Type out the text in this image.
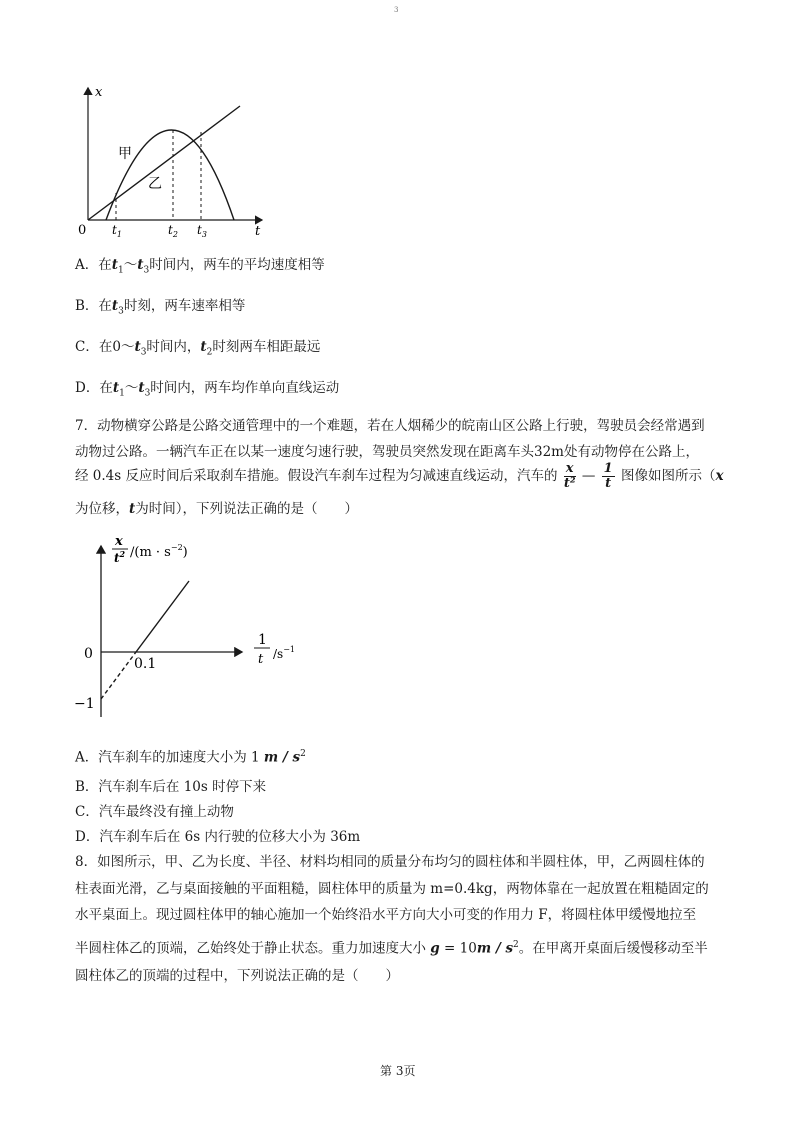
3
x
t
0
甲
乙
$t_1$	$t_2$ $t_3$
A．在$t_1\sim t_3$时间内，两车的平均速度相等
B．在$t_3$时刻，两车速率相等
C．在$0\sim t_3$时间内，$t_2$时刻两车相距最远
D．在$t_1\sim t_3$时间内，两车均作单向直线运动
7．动物横穿公路是公路交通管理中的一个难题，若在人烟稀少的皖南山区公路上行驶，驾驶员会经常遇到
动物过公路。一辆汽车正在以某一速度匀速行驶，驾驶员突然发现在距离车头32m处有动物停在公路上，
经 0.4s 反应时间后采取刹车措施。假设汽车刹车过程为匀减速直线运动，汽车的 $\frac{x}{\text{t²}}$ — $\frac{1}{t}$ 图像如图所示（x
为位移，t为时间），下列说法正确的是（　　）
x
$t^2$ $/(m \cdot s^{-2})$
1
t $/s^{-1}$
0
0.1
−1
A．汽车刹车的加速度大小为 1 m / $s^2$
B．汽车刹车后在 10s 时停下来
C．汽车最终没有撞上动物
D．汽车刹车后在 6s 内行驶的位移大小为 36m
8．如图所示，甲、乙为长度、半径、材料均相同的质量分布均匀的圆柱体和半圆柱体，甲，乙两圆柱体的
柱表面光滑，乙与桌面接触的平面粗糙，圆柱体甲的质量为 m=0.4kg，两物体靠在一起放置在粗糙固定的
水平桌面上。现过圆柱体甲的轴心施加一个始终沿水平方向大小可变的作用力 F，将圆柱体甲缓慢地拉至
半圆柱体乙的顶端，乙始终处于静止状态。重力加速度大小 $g = 10m / s^2$。在甲离开桌面后缓慢移动至半
圆柱体乙的顶端的过程中，下列说法正确的是（　　）
第 3页
